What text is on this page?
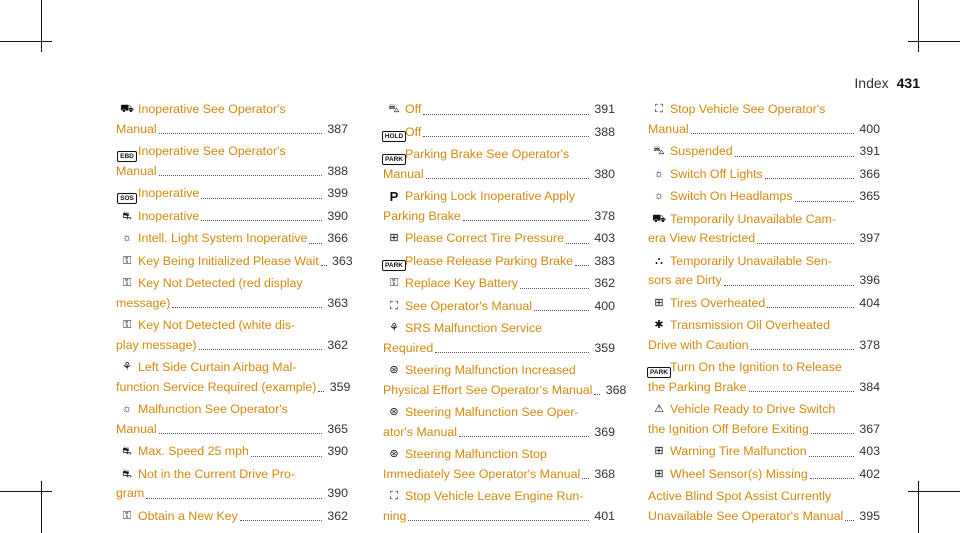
Index 431
⛟ Inoperative See Operator's
Manual	387
EBD Inoperative See Operator's
Manual	388
SOS Inoperative	399
⛐ Inoperative	390
☼ Intell. Light System Inoperative 366
⚿ Key Being Initialized Please Wait 363
⚿ Key Not Detected (red display
message)	363
⚿ Key Not Detected (white dis-
play message)	362
⚘ Left Side Curtain Airbag Mal-
function Service Required (example) 359
☼ Malfunction See Operator's
Manual	365
⛐ Max. Speed 25 mph	390
⛐ Not in the Current Drive Pro-
gram	390
⚿ Obtain a New Key	362
⛍ Off	391
HOLD Off	388
PARK Parking Brake See Operator's
Manual	380
P Parking Lock Inoperative Apply
Parking Brake	378
⊞ Please Correct Tire Pressure 403
PARK Please Release Parking Brake 383
⚿ Replace Key Battery	362
⛶ See Operator's Manual	400
⚘ SRS Malfunction Service
Required	359
⊛ Steering Malfunction Increased
Physical Effort See Operator's Manual 368
⊛ Steering Malfunction See Oper-
ator's Manual	369
⊛ Steering Malfunction Stop
Immediately See Operator's Manual 368
⛶ Stop Vehicle Leave Engine Run-
ning	401
⛶ Stop Vehicle See Operator's
Manual	400
⛍ Suspended	391
☼ Switch Off Lights	366
☼ Switch On Headlamps	365
⛟ Temporarily Unavailable Cam-
era View Restricted	397
⛬ Temporarily Unavailable Sen-
sors are Dirty	396
⊞ Tires Overheated	404
✱ Transmission Oil Overheated
Drive with Caution	378
PARK Turn On the Ignition to Release
the Parking Brake	384
⚠ Vehicle Ready to Drive Switch
the Ignition Off Before Exiting	367
⊞ Warning Tire Malfunction	403
⊞ Wheel Sensor(s) Missing	402
Active Blind Spot Assist Currently
Unavailable See Operator's Manual 395
